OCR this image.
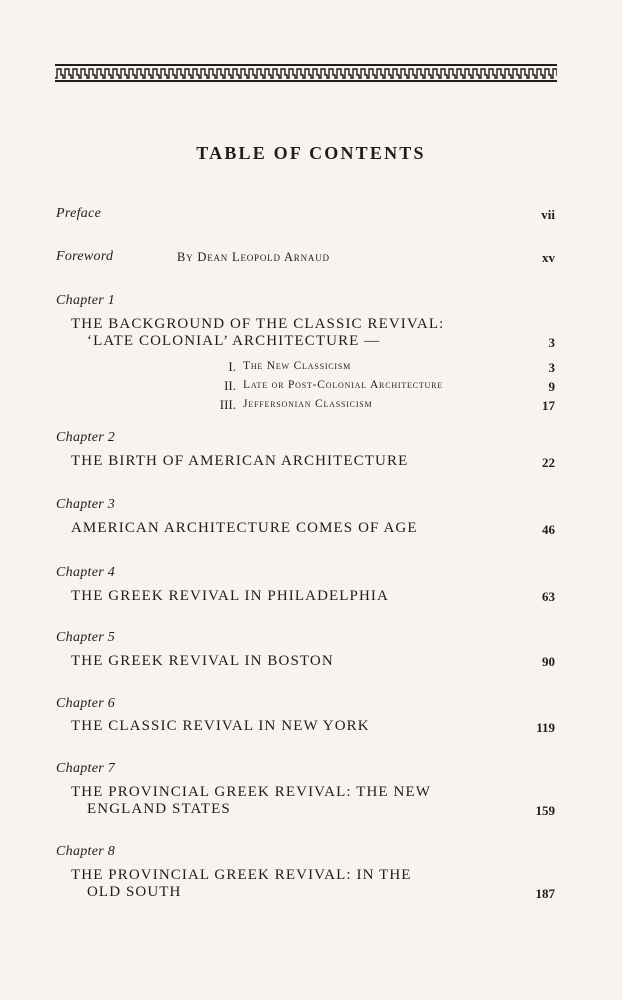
TABLE OF CONTENTS
Preface	vii
Foreword	By Dean Leopold Arnaud	xv
Chapter 1
THE BACKGROUND OF THE CLASSIC REVIVAL:
‘LATE COLONIAL’ ARCHITECTURE —	3
I. The New Classicism	3
II. Late or Post-Colonial Architecture	9
III. Jeffersonian Classicism	17
Chapter 2
THE BIRTH OF AMERICAN ARCHITECTURE	22
Chapter 3
AMERICAN ARCHITECTURE COMES OF AGE	46
Chapter 4
THE GREEK REVIVAL IN PHILADELPHIA	63
Chapter 5
THE GREEK REVIVAL IN BOSTON	90
Chapter 6
THE CLASSIC REVIVAL IN NEW YORK	119
Chapter 7
THE PROVINCIAL GREEK REVIVAL: THE NEW
ENGLAND STATES	159
Chapter 8
THE PROVINCIAL GREEK REVIVAL: IN THE
OLD SOUTH	187
